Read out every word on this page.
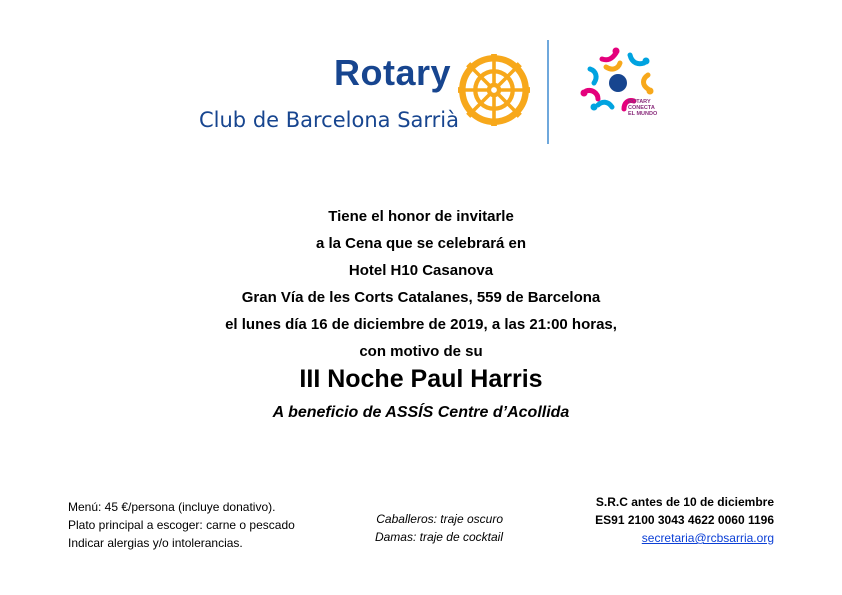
Rotary
Club de Barcelona Sarrià
ROTARY
CONECTA
EL MUNDO
Tiene el honor de invitarle
a la Cena que se celebrará en
Hotel H10 Casanova
Gran Vía de les Corts Catalanes, 559 de Barcelona
el lunes día 16 de diciembre de 2019, a las 21:00 horas,
con motivo de su
III Noche Paul Harris
A beneficio de ASSÍS Centre d’Acollida
Menú: 45 €/persona (incluye donativo).
Plato principal a escoger: carne o pescado
Indicar alergias y/o intolerancias.
Caballeros: traje oscuro
Damas: traje de cocktail
S.R.C antes de 10 de diciembre
ES91 2100 3043 4622 0060 1196
secretaria@rcbsarria.org
